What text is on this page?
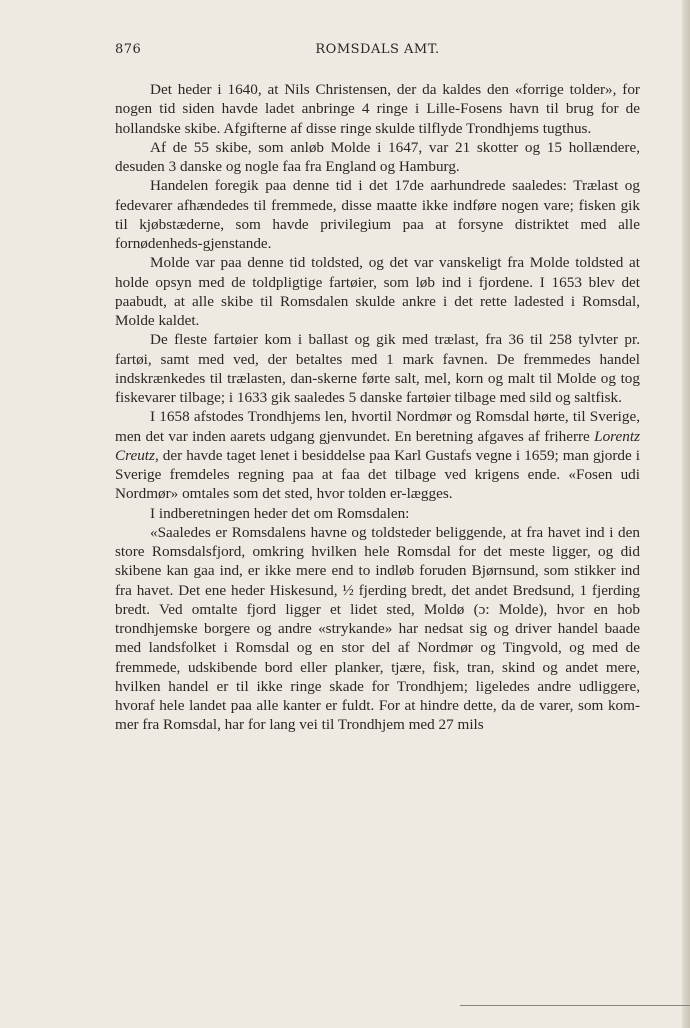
876	ROMSDALS AMT.

Det heder i 1640, at Nils Christensen, der da kaldes den «forrige tolder», for nogen tid siden havde ladet anbringe 4 ringe i Lille-Fosens havn til brug for de hollandske skibe. Afgifterne af disse ringe skulde tilflyde Trondhjems tugthus.

Af de 55 skibe, som anløb Molde i 1647, var 21 skotter og 15 hollændere, desuden 3 danske og nogle faa fra England og Hamburg.

Handelen foregik paa denne tid i det 17de aarhundrede saaledes: Trælast og fedevarer afhændedes til fremmede, disse maatte ikke indføre nogen vare; fisken gik til kjøbstæderne, som havde privilegium paa at forsyne distriktet med alle fornødenheds-gjenstande.

Molde var paa denne tid toldsted, og det var vanskeligt fra Molde toldsted at holde opsyn med de toldpligtige fartøier, som løb ind i fjordene. I 1653 blev det paabudt, at alle skibe til Romsdalen skulde ankre i det rette ladested i Romsdal, Molde kaldet.

De fleste fartøier kom i ballast og gik med trælast, fra 36 til 258 tylvter pr. fartøi, samt med ved, der betaltes med 1 mark favnen. De fremmedes handel indskrænkedes til trælasten, dan-skerne førte salt, mel, korn og malt til Molde og tog fiskevarer tilbage; i 1633 gik saaledes 5 danske fartøier tilbage med sild og saltfisk.

I 1658 afstodes Trondhjems len, hvortil Nordmør og Romsdal hørte, til Sverige, men det var inden aarets udgang gjenvundet. En beretning afgaves af friherre Lorentz Creutz, der havde taget lenet i besiddelse paa Karl Gustafs vegne i 1659; man gjorde i Sverige fremdeles regning paa at faa det tilbage ved krigens ende. «Fosen udi Nordmør» omtales som det sted, hvor tolden er-lægges.

I indberetningen heder det om Romsdalen:

«Saaledes er Romsdalens havne og toldsteder beliggende, at fra havet ind i den store Romsdalsfjord, omkring hvilken hele Romsdal for det meste ligger, og did skibene kan gaa ind, er ikke mere end to indløb foruden Bjørnsund, som stikker ind fra havet. Det ene heder Hiskesund, ½ fjerding bredt, det andet Bredsund, 1 fjerding bredt. Ved omtalte fjord ligger et lidet sted, Moldø (ɔ: Molde), hvor en hob trondhjemske borgere og andre «strykande» har nedsat sig og driver handel baade med landsfolket i Romsdal og en stor del af Nordmør og Tingvold, og med de fremmede, udskibende bord eller planker, tjære, fisk, tran, skind og andet mere, hvilken handel er til ikke ringe skade for Trondhjem; ligeledes andre udliggere, hvoraf hele landet paa alle kanter er fuldt. For at hindre dette, da de varer, som kom-mer fra Romsdal, har for lang vei til Trondhjem med 27 mils
